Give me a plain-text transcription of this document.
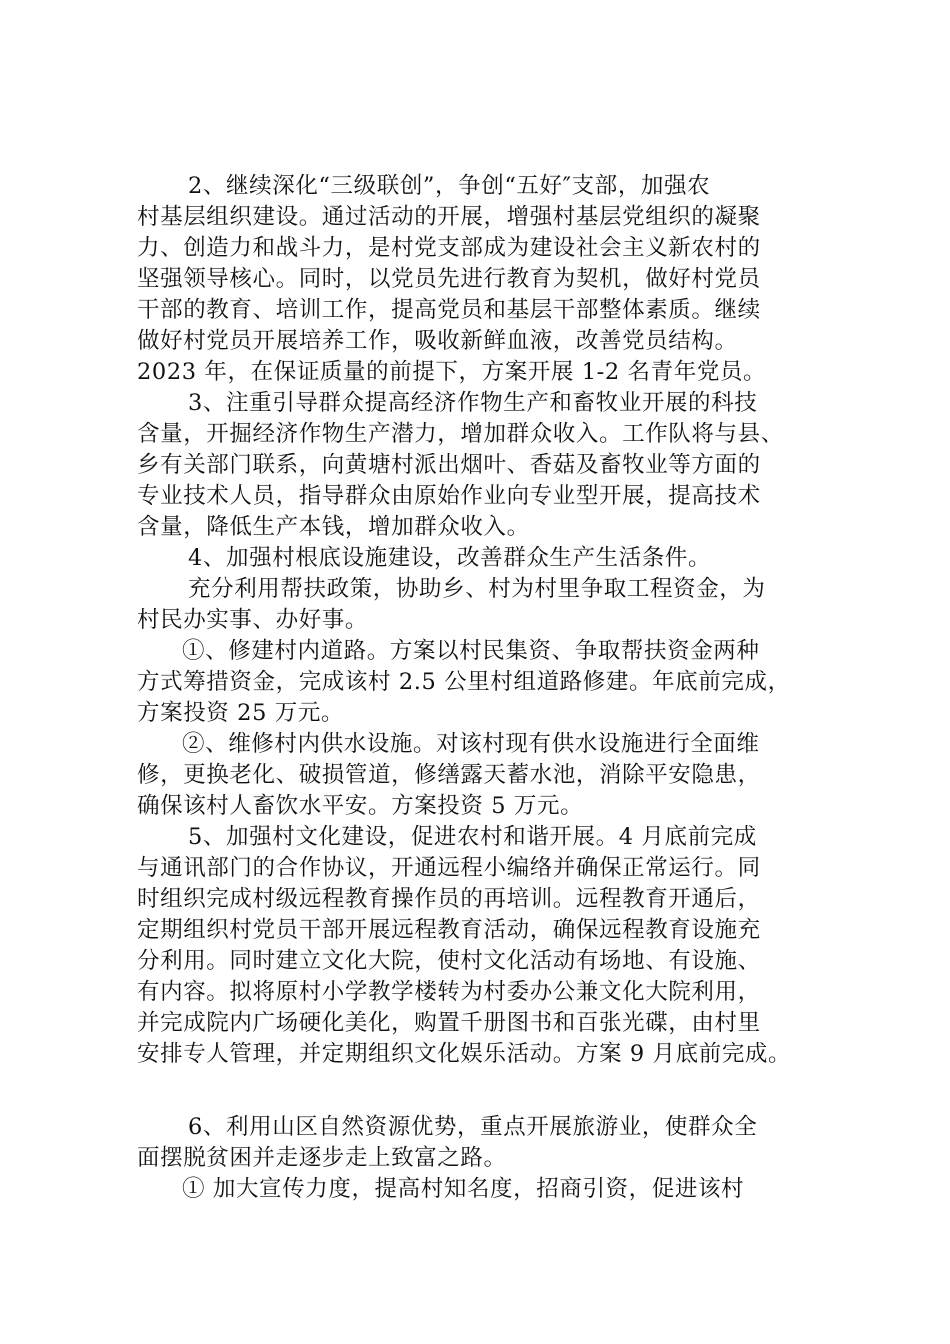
2、继续深化“三级联创”，争创“五好″支部，加强农
村基层组织建设。通过活动的开展，增强村基层党组织的凝聚
力、创造力和战斗力，是村党支部成为建设社会主义新农村的
坚强领导核心。同时，以党员先进行教育为契机，做好村党员
干部的教育、培训工作，提高党员和基层干部整体素质。继续
做好村党员开展培养工作，吸收新鲜血液，改善党员结构。
2023 年，在保证质量的前提下，方案开展 1-2 名青年党员。
3、注重引导群众提高经济作物生产和畜牧业开展的科技
含量，开掘经济作物生产潜力，增加群众收入。工作队将与县、
乡有关部门联系，向黄塘村派出烟叶、香菇及畜牧业等方面的
专业技术人员，指导群众由原始作业向专业型开展，提高技术
含量，降低生产本钱，增加群众收入。
4、加强村根底设施建设，改善群众生产生活条件。
充分利用帮扶政策，协助乡、村为村里争取工程资金，为
村民办实事、办好事。
①、修建村内道路。方案以村民集资、争取帮扶资金两种
方式筹措资金，完成该村 2.5 公里村组道路修建。年底前完成，
方案投资 25 万元。
②、维修村内供水设施。对该村现有供水设施进行全面维
修，更换老化、破损管道，修缮露天蓄水池，消除平安隐患，
确保该村人畜饮水平安。方案投资 5 万元。
5、加强村文化建设，促进农村和谐开展。4 月底前完成
与通讯部门的合作协议，开通远程小编络并确保正常运行。同
时组织完成村级远程教育操作员的再培训。远程教育开通后，
定期组织村党员干部开展远程教育活动，确保远程教育设施充
分利用。同时建立文化大院，使村文化活动有场地、有设施、
有内容。拟将原村小学教学楼转为村委办公兼文化大院利用，
并完成院内广场硬化美化，购置千册图书和百张光碟，由村里
安排专人管理，并定期组织文化娱乐活动。方案 9 月底前完成。
6、利用山区自然资源优势，重点开展旅游业，使群众全
面摆脱贫困并走逐步走上致富之路。
① 加大宣传力度，提高村知名度，招商引资，促进该村
